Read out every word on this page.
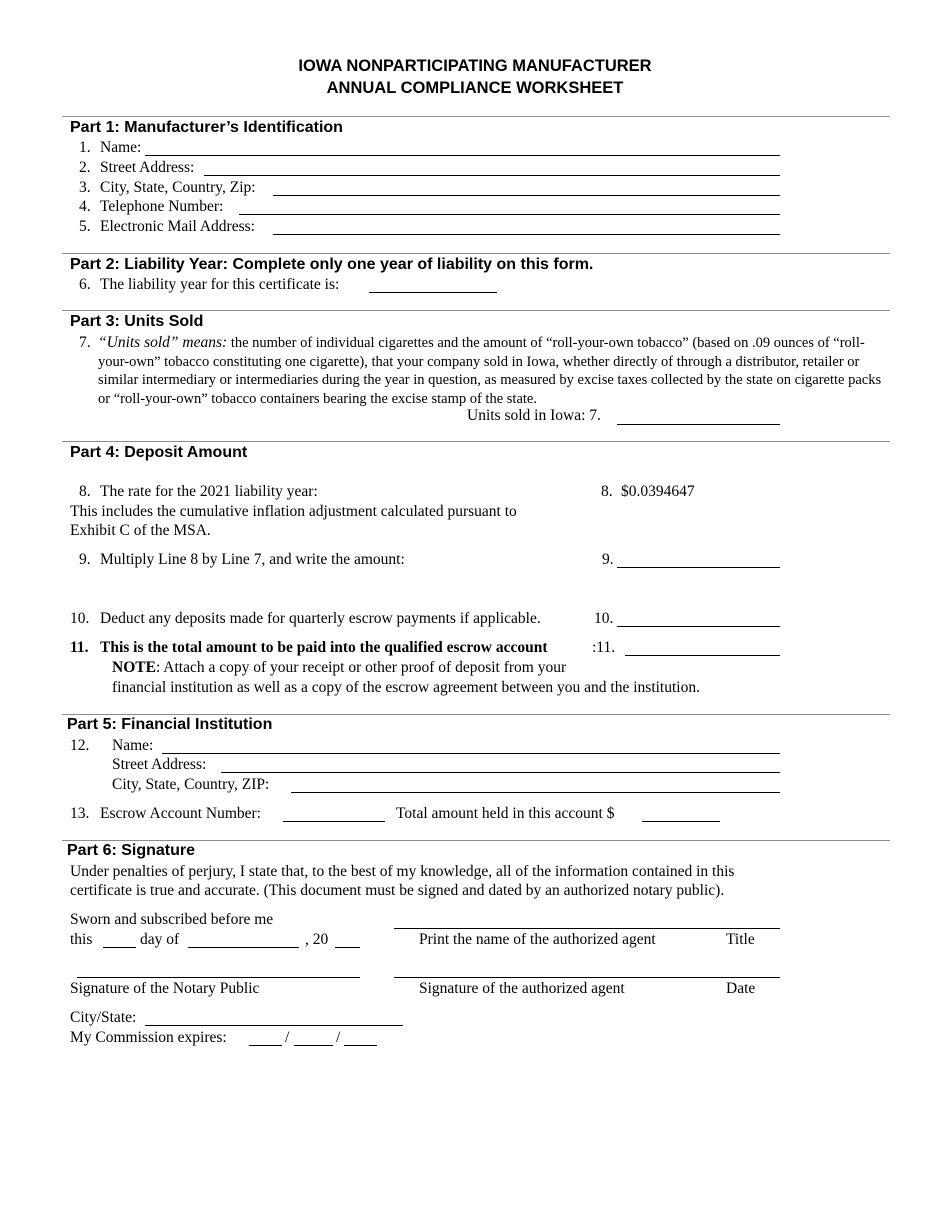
IOWA NONPARTICIPATING MANUFACTURER
ANNUAL COMPLIANCE WORKSHEET
Part 1: Manufacturer’s Identification
1. Name:
2. Street Address:
3. City, State, Country, Zip:
4. Telephone Number:
5. Electronic Mail Address:
Part 2: Liability Year: Complete only one year of liability on this form.
6. The liability year for this certificate is:
Part 3: Units Sold
7. “Units sold” means: the number of individual cigarettes and the amount of “roll-your-own tobacco” (based on .09 ounces of “roll-your-own” tobacco constituting one cigarette), that your company sold in Iowa, whether directly of through a distributor, retailer or similar intermediary or intermediaries during the year in question, as measured by excise taxes collected by the state on cigarette packs or “roll-your-own” tobacco containers bearing the excise stamp of the state.
Units sold in Iowa: 7.
Part 4: Deposit Amount
8. The rate for the 2021 liability year:	8. $0.0394647
This includes the cumulative inflation adjustment calculated pursuant to
Exhibit C of the MSA.
9. Multiply Line 8 by Line 7, and write the amount:	9.
10. Deduct any deposits made for quarterly escrow payments if applicable.	10.
11. This is the total amount to be paid into the qualified escrow account	:11.
NOTE: Attach a copy of your receipt or other proof of deposit from your
financial institution as well as a copy of the escrow agreement between you and the institution.
Part 5: Financial Institution
12. Name:
Street Address:
City, State, Country, ZIP:
13. Escrow Account Number:	Total amount held in this account $
Part 6: Signature
Under penalties of perjury, I state that, to the best of my knowledge, all of the information contained in this
certificate is true and accurate. (This document must be signed and dated by an authorized notary public).
Sworn and subscribed before me
this	day of	, 20	Print the name of the authorized agent	Title
Signature of the Notary Public	Signature of the authorized agent	Date
City/State:
My Commission expires:	/	/
